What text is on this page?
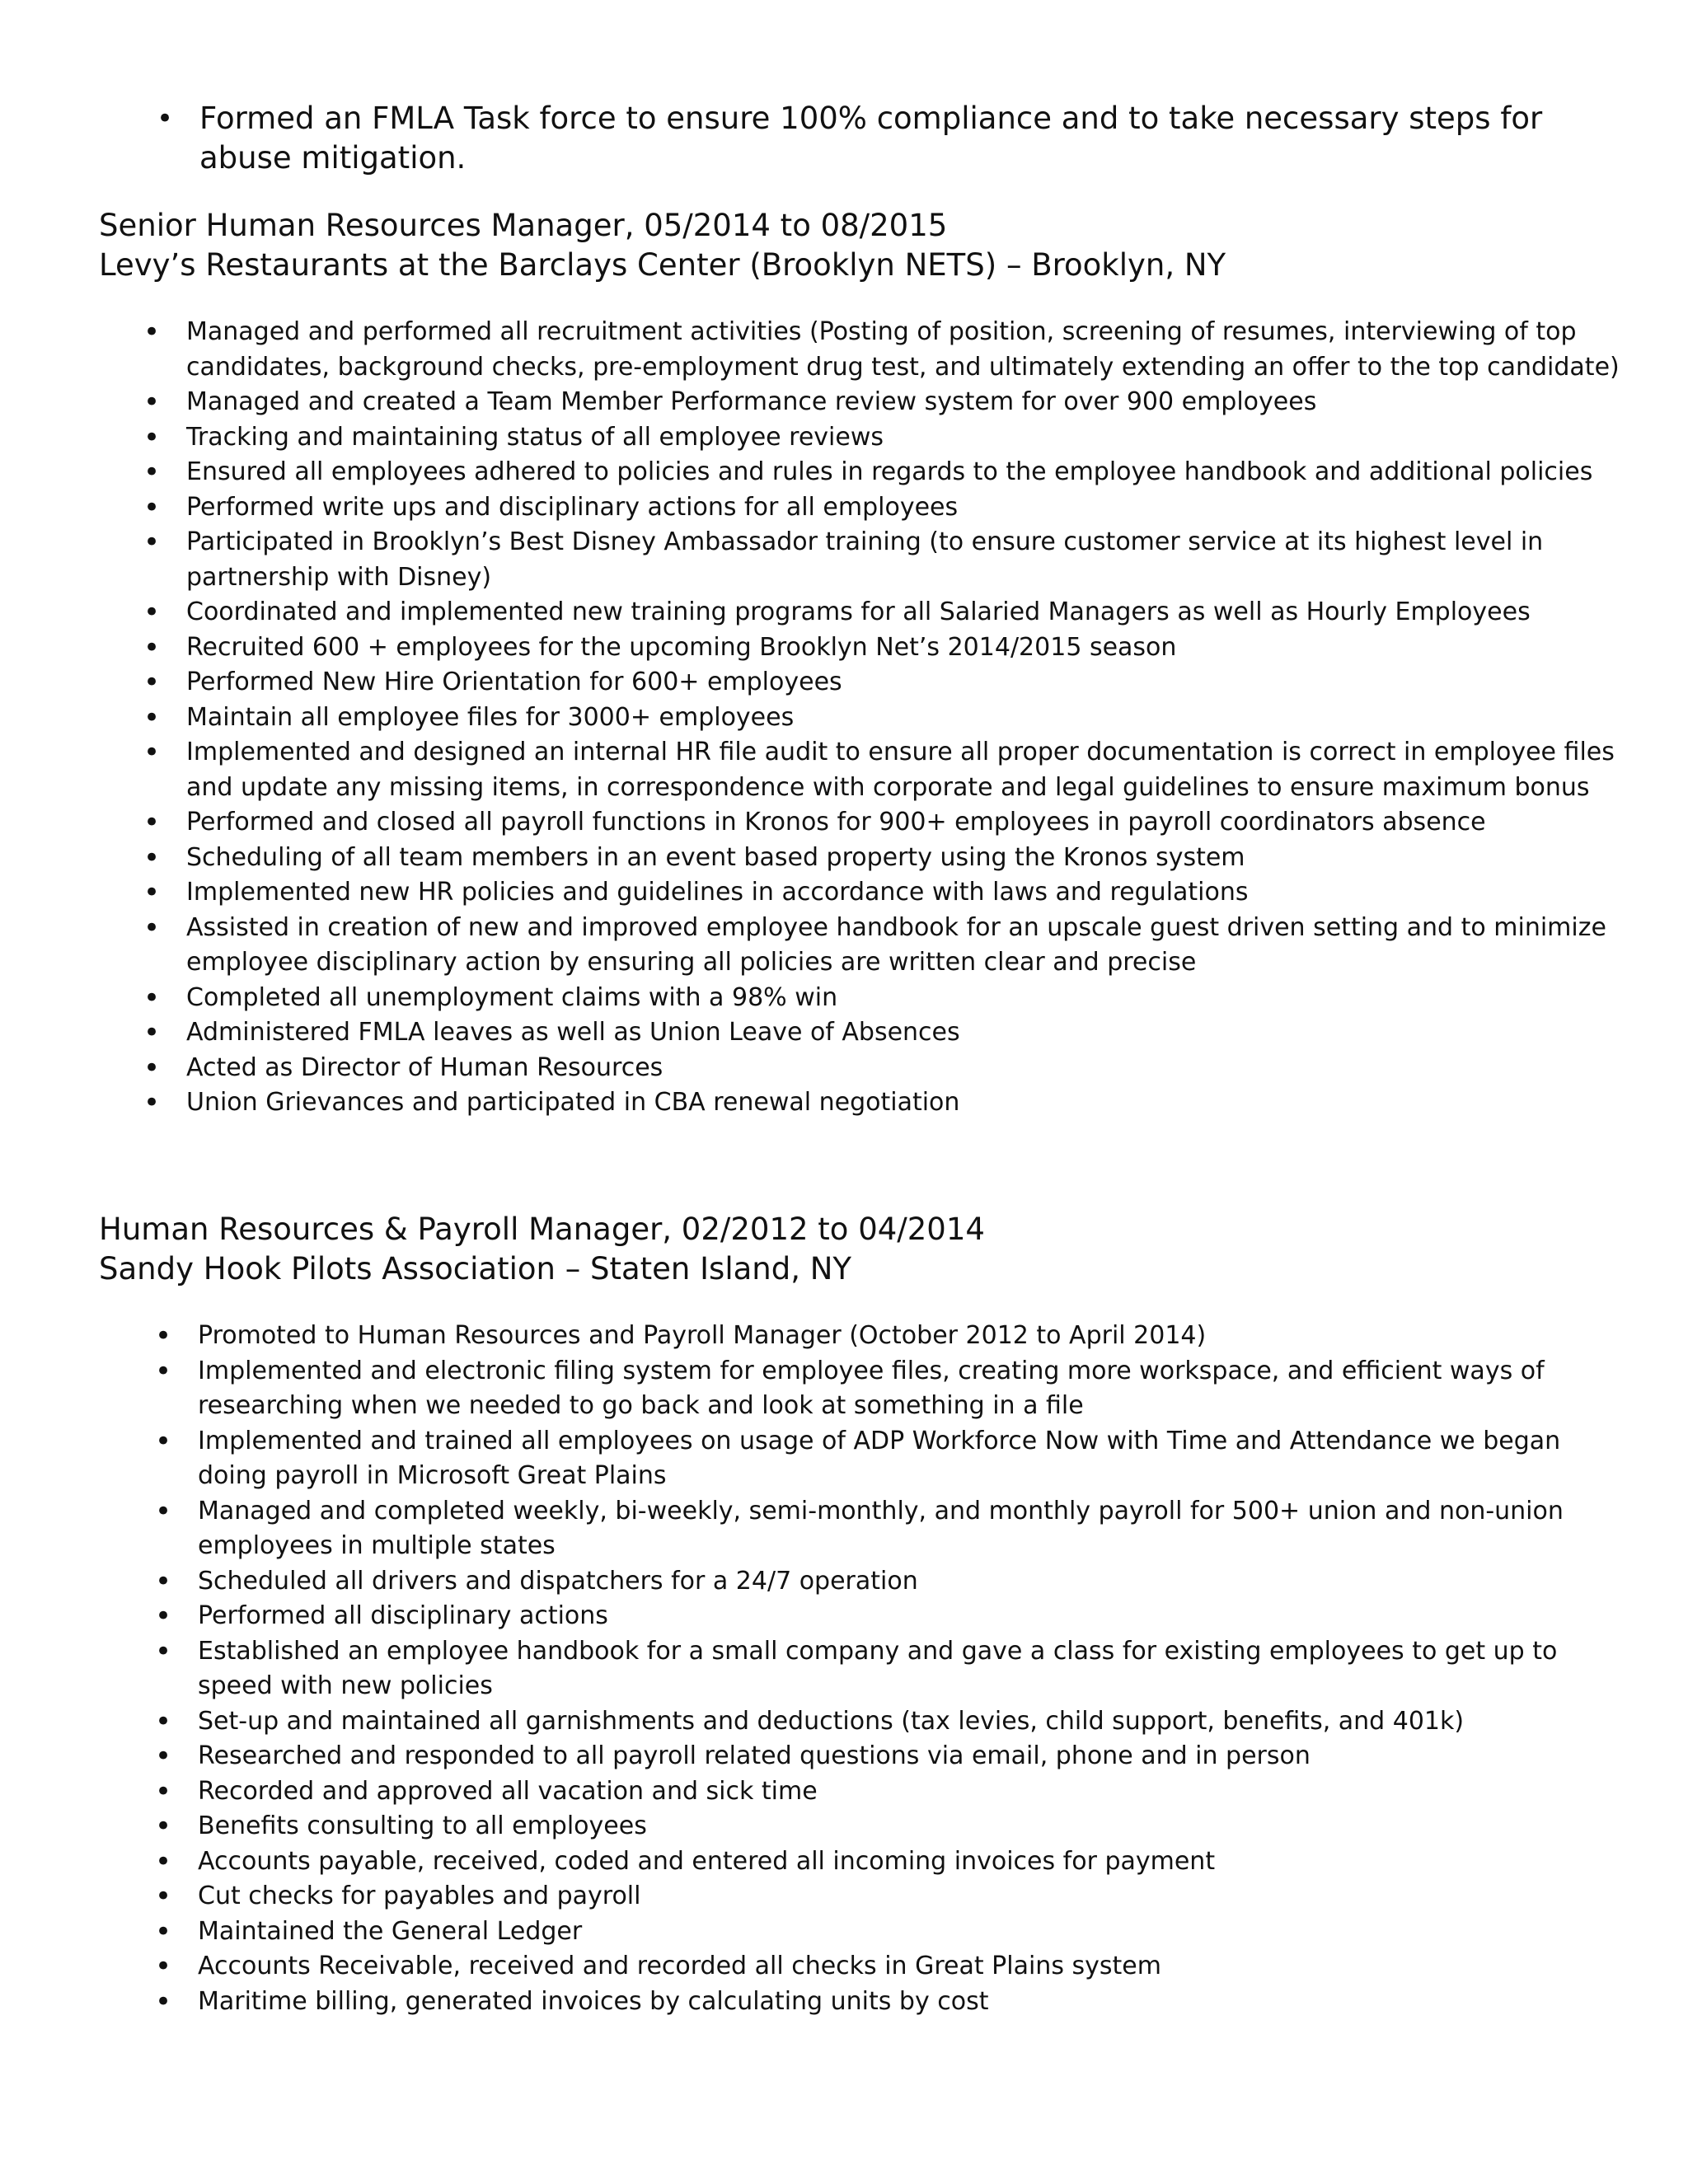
• Formed an FMLA Task force to ensure 100% compliance and to take necessary steps for abuse mitigation.
Senior Human Resources Manager, 05/2014 to 08/2015
Levy’s Restaurants at the Barclays Center (Brooklyn NETS) – Brooklyn, NY
• Managed and performed all recruitment activities (Posting of position, screening of resumes, interviewing of top candidates, background checks, pre-employment drug test, and ultimately extending an offer to the top candidate)
• Managed and created a Team Member Performance review system for over 900 employees
• Tracking and maintaining status of all employee reviews
• Ensured all employees adhered to policies and rules in regards to the employee handbook and additional policies
• Performed write ups and disciplinary actions for all employees
• Participated in Brooklyn’s Best Disney Ambassador training (to ensure customer service at its highest level in partnership with Disney)
• Coordinated and implemented new training programs for all Salaried Managers as well as Hourly Employees
• Recruited 600 + employees for the upcoming Brooklyn Net’s 2014/2015 season
• Performed New Hire Orientation for 600+ employees
• Maintain all employee files for 3000+ employees
• Implemented and designed an internal HR file audit to ensure all proper documentation is correct in employee files and update any missing items, in correspondence with corporate and legal guidelines to ensure maximum bonus
• Performed and closed all payroll functions in Kronos for 900+ employees in payroll coordinators absence
• Scheduling of all team members in an event based property using the Kronos system
• Implemented new HR policies and guidelines in accordance with laws and regulations
• Assisted in creation of new and improved employee handbook for an upscale guest driven setting and to minimize employee disciplinary action by ensuring all policies are written clear and precise
• Completed all unemployment claims with a 98% win
• Administered FMLA leaves as well as Union Leave of Absences
• Acted as Director of Human Resources
• Union Grievances and participated in CBA renewal negotiation
Human Resources & Payroll Manager, 02/2012 to 04/2014
Sandy Hook Pilots Association – Staten Island, NY
• Promoted to Human Resources and Payroll Manager (October 2012 to April 2014)
• Implemented and electronic filing system for employee files, creating more workspace, and efficient ways of researching when we needed to go back and look at something in a file
• Implemented and trained all employees on usage of ADP Workforce Now with Time and Attendance we began doing payroll in Microsoft Great Plains
• Managed and completed weekly, bi-weekly, semi-monthly, and monthly payroll for 500+ union and non-union employees in multiple states
• Scheduled all drivers and dispatchers for a 24/7 operation
• Performed all disciplinary actions
• Established an employee handbook for a small company and gave a class for existing employees to get up to speed with new policies
• Set-up and maintained all garnishments and deductions (tax levies, child support, benefits, and 401k)
• Researched and responded to all payroll related questions via email, phone and in person
• Recorded and approved all vacation and sick time
• Benefits consulting to all employees
• Accounts payable, received, coded and entered all incoming invoices for payment
• Cut checks for payables and payroll
• Maintained the General Ledger
• Accounts Receivable, received and recorded all checks in Great Plains system
• Maritime billing, generated invoices by calculating units by cost
